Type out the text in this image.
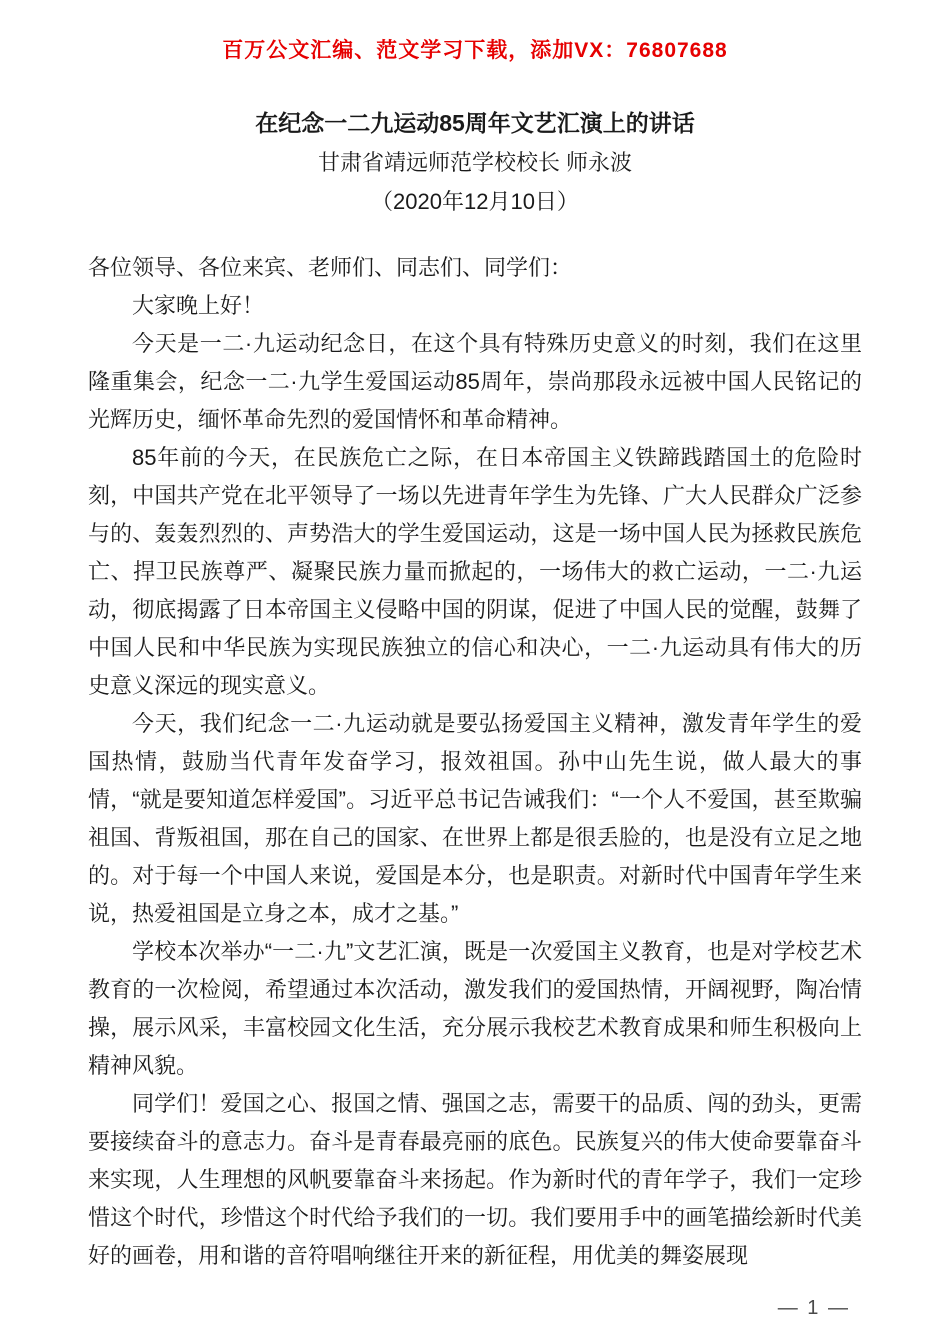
百万公文汇编、范文学习下载，添加VX：76807688
在纪念一二九运动85周年文艺汇演上的讲话
甘肃省靖远师范学校校长 师永波
（2020年12月10日）

各位领导、各位来宾、老师们、同志们、同学们：

大家晚上好！

今天是一二·九运动纪念日，在这个具有特殊历史意义的时刻，我们在这里隆重集会，纪念一二·九学生爱国运动85周年，崇尚那段永远被中国人民铭记的光辉历史，缅怀革命先烈的爱国情怀和革命精神。

85年前的今天，在民族危亡之际，在日本帝国主义铁蹄践踏国土的危险时刻，中国共产党在北平领导了一场以先进青年学生为先锋、广大人民群众广泛参与的、轰轰烈烈的、声势浩大的学生爱国运动，这是一场中国人民为拯救民族危亡、捍卫民族尊严、凝聚民族力量而掀起的，一场伟大的救亡运动，一二·九运动，彻底揭露了日本帝国主义侵略中国的阴谋，促进了中国人民的觉醒，鼓舞了中国人民和中华民族为实现民族独立的信心和决心，一二·九运动具有伟大的历史意义深远的现实意义。

今天，我们纪念一二·九运动就是要弘扬爱国主义精神，激发青年学生的爱国热情，鼓励当代青年发奋学习，报效祖国。孙中山先生说，做人最大的事情，“就是要知道怎样爱国”。习近平总书记告诫我们：“一个人不爱国，甚至欺骗祖国、背叛祖国，那在自己的国家、在世界上都是很丢脸的，也是没有立足之地的。对于每一个中国人来说，爱国是本分，也是职责。对新时代中国青年学生来说，热爱祖国是立身之本，成才之基。”

学校本次举办“一二·九”文艺汇演，既是一次爱国主义教育，也是对学校艺术教育的一次检阅，希望通过本次活动，激发我们的爱国热情，开阔视野，陶冶情操，展示风采，丰富校园文化生活，充分展示我校艺术教育成果和师生积极向上精神风貌。

同学们！爱国之心、报国之情、强国之志，需要干的品质、闯的劲头，更需要接续奋斗的意志力。奋斗是青春最亮丽的底色。民族复兴的伟大使命要靠奋斗来实现，人生理想的风帆要靠奋斗来扬起。作为新时代的青年学子，我们一定珍惜这个时代，珍惜这个时代给予我们的一切。我们要用手中的画笔描绘新时代美好的画卷，用和谐的音符唱响继往开来的新征程，用优美的舞姿展现

— 1 —
